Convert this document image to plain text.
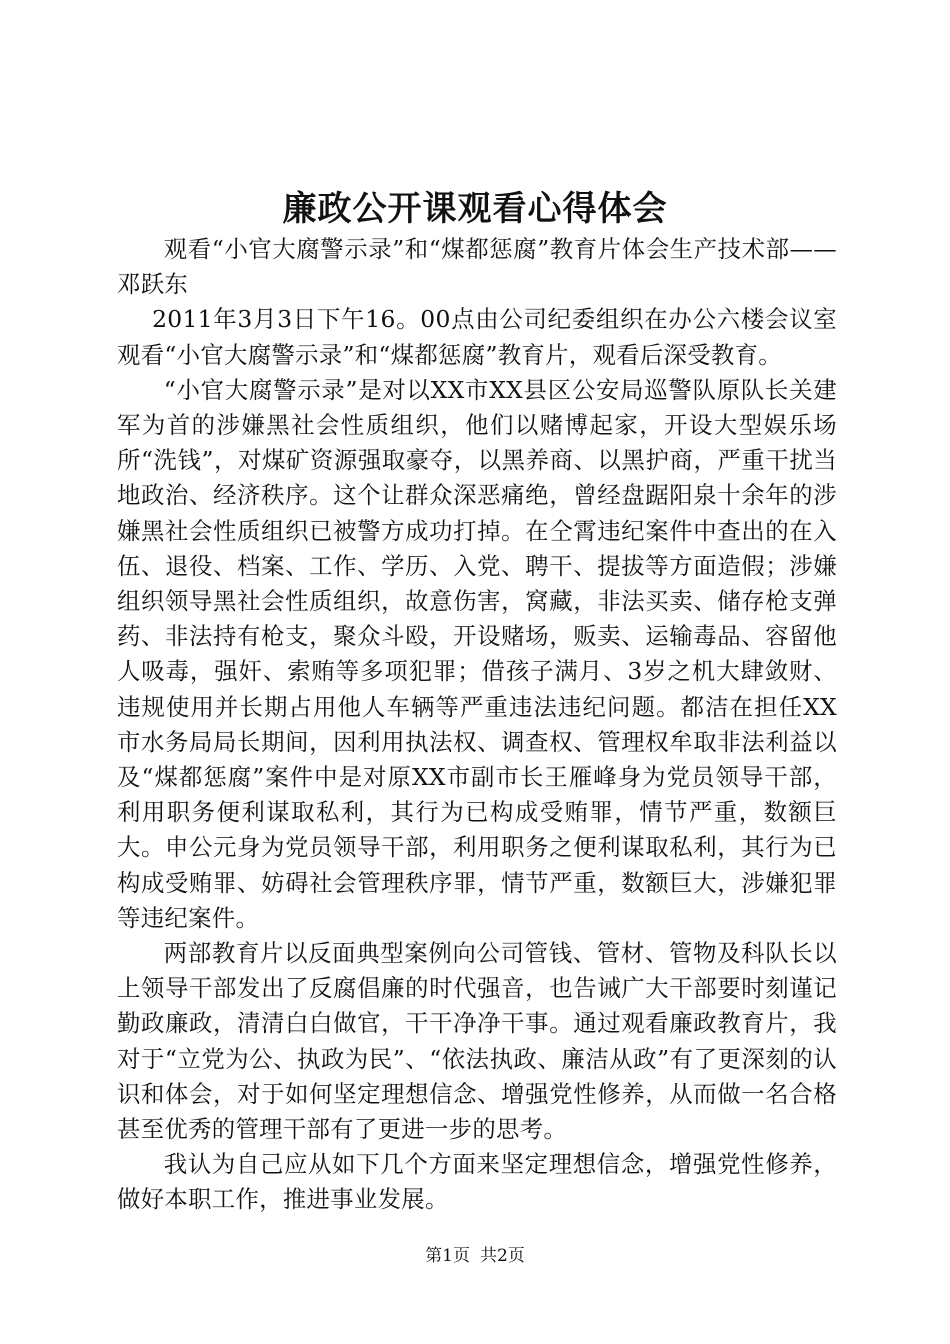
廉政公开课观看心得体会

观看“小官大腐警示录”和“煤都惩腐”教育片体会生产技术部——邓跃东

2011年3月3日下午16。00点由公司纪委组织在办公六楼会议室观看“小官大腐警示录”和“煤都惩腐”教育片，观看后深受教育。

“小官大腐警示录”是对以XX市XX县区公安局巡警队原队长关建军为首的涉嫌黑社会性质组织，他们以赌博起家，开设大型娱乐场所“洗钱”，对煤矿资源强取豪夺，以黑养商、以黑护商，严重干扰当地政治、经济秩序。这个让群众深恶痛绝，曾经盘踞阳泉十余年的涉嫌黑社会性质组织已被警方成功打掉。在仝霄违纪案件中查出的在入伍、退役、档案、工作、学历、入党、聘干、提拔等方面造假；涉嫌组织领导黑社会性质组织，故意伤害，窝藏，非法买卖、储存枪支弹药、非法持有枪支，聚众斗殴，开设赌场，贩卖、运输毒品、容留他人吸毒，强奸、索贿等多项犯罪；借孩子满月、3岁之机大肆敛财、违规使用并长期占用他人车辆等严重违法违纪问题。都洁在担任XX市水务局局长期间，因利用执法权、调查权、管理权牟取非法利益以及“煤都惩腐”案件中是对原XX市副市长王雁峰身为党员领导干部，利用职务便利谋取私利，其行为已构成受贿罪，情节严重，数额巨大。申公元身为党员领导干部，利用职务之便利谋取私利，其行为已构成受贿罪、妨碍社会管理秩序罪，情节严重，数额巨大，涉嫌犯罪等违纪案件。

两部教育片以反面典型案例向公司管钱、管材、管物及科队长以上领导干部发出了反腐倡廉的时代强音，也告诫广大干部要时刻谨记勤政廉政，清清白白做官，干干净净干事。通过观看廉政教育片，我对于“立党为公、执政为民”、“依法执政、廉洁从政”有了更深刻的认识和体会，对于如何坚定理想信念、增强党性修养，从而做一名合格甚至优秀的管理干部有了更进一步的思考。

我认为自己应从如下几个方面来坚定理想信念，增强党性修养，做好本职工作，推进事业发展。

第1页 共2页
